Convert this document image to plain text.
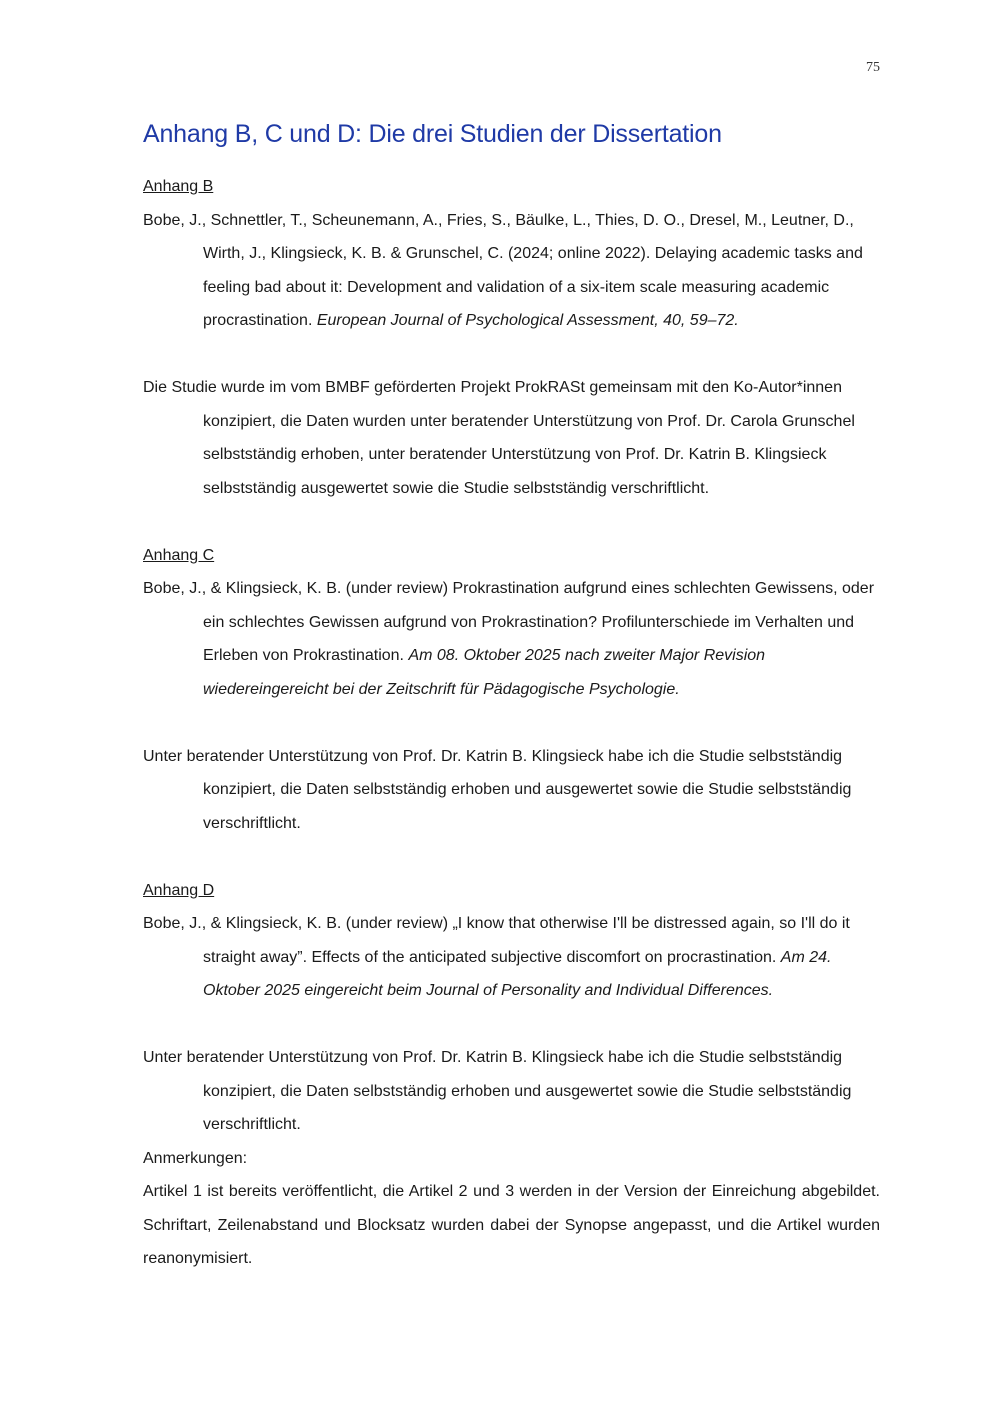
75
Anhang B, C und D: Die drei Studien der Dissertation

Anhang B

Bobe, J., Schnettler, T., Scheunemann, A., Fries, S., Bäulke, L., Thies, D. O., Dresel, M., Leutner, D., Wirth, J., Klingsieck, K. B. & Grunschel, C. (2024; online 2022). Delaying academic tasks and feeling bad about it: Development and validation of a six-item scale measuring academic procrastination. European Journal of Psychological Assessment, 40, 59–72.

Die Studie wurde im vom BMBF geförderten Projekt ProkRASt gemeinsam mit den Ko-Autor*innen konzipiert, die Daten wurden unter beratender Unterstützung von Prof. Dr. Carola Grunschel selbstständig erhoben, unter beratender Unterstützung von Prof. Dr. Katrin B. Klingsieck selbstständig ausgewertet sowie die Studie selbstständig verschriftlicht.

Anhang C

Bobe, J., & Klingsieck, K. B. (under review) Prokrastination aufgrund eines schlechten Gewissens, oder ein schlechtes Gewissen aufgrund von Prokrastination? Profilunterschiede im Verhalten und Erleben von Prokrastination. Am 08. Oktober 2025 nach zweiter Major Revision wiedereingereicht bei der Zeitschrift für Pädagogische Psychologie.

Unter beratender Unterstützung von Prof. Dr. Katrin B. Klingsieck habe ich die Studie selbstständig konzipiert, die Daten selbstständig erhoben und ausgewertet sowie die Studie selbstständig verschriftlicht.

Anhang D

Bobe, J., & Klingsieck, K. B. (under review) „I know that otherwise I'll be distressed again, so I'll do it straight away”. Effects of the anticipated subjective discomfort on procrastination. Am 24. Oktober 2025 eingereicht beim Journal of Personality and Individual Differences.

Unter beratender Unterstützung von Prof. Dr. Katrin B. Klingsieck habe ich die Studie selbstständig konzipiert, die Daten selbstständig erhoben und ausgewertet sowie die Studie selbstständig verschriftlicht.

Anmerkungen:

Artikel 1 ist bereits veröffentlicht, die Artikel 2 und 3 werden in der Version der Einreichung abgebildet. Schriftart, Zeilenabstand und Blocksatz wurden dabei der Synopse angepasst, und die Artikel wurden reanonymisiert.
